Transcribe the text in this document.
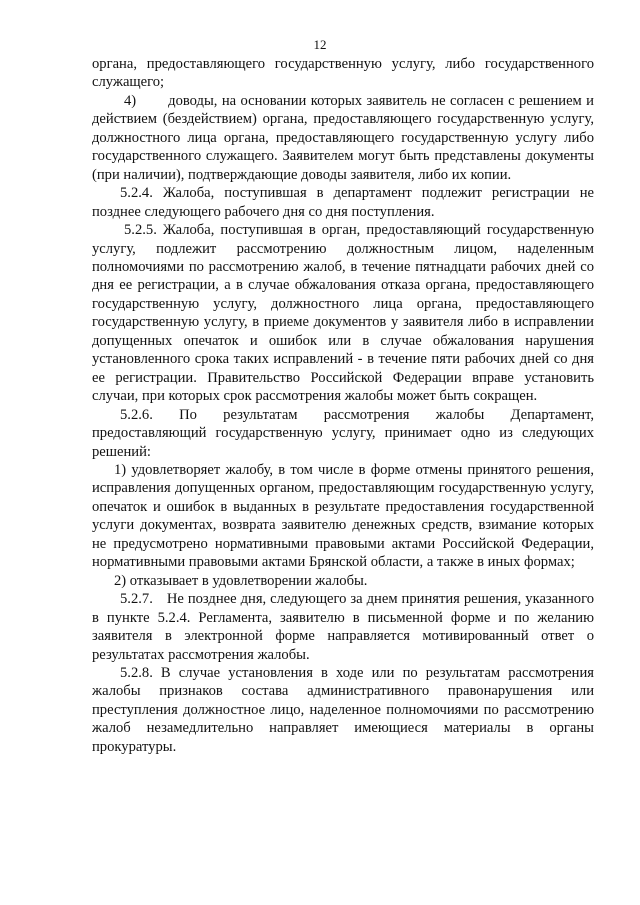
12

органа, предоставляющего государственную услугу, либо государственного служащего;

4) доводы, на основании которых заявитель не согласен с решением и действием (бездействием) органа, предоставляющего государственную услугу, должностного лица органа, предоставляющего государственную услугу либо государственного служащего. Заявителем могут быть представлены документы (при наличии), подтверждающие доводы заявителя, либо их копии.

5.2.4. Жалоба, поступившая в департамент подлежит регистрации не позднее следующего рабочего дня со дня поступления.

5.2.5. Жалоба, поступившая в орган, предоставляющий государственную услугу, подлежит рассмотрению должностным лицом, наделенным полномочиями по рассмотрению жалоб, в течение пятнадцати рабочих дней со дня ее регистрации, а в случае обжалования отказа органа, предоставляющего государственную услугу, должностного лица органа, предоставляющего государственную услугу, в приеме документов у заявителя либо в исправлении допущенных опечаток и ошибок или в случае обжалования нарушения установленного срока таких исправлений - в течение пяти рабочих дней со дня ее регистрации. Правительство Российской Федерации вправе установить случаи, при которых срок рассмотрения жалобы может быть сокращен.

5.2.6. По результатам рассмотрения жалобы Департамент, предоставляющий государственную услугу, принимает одно из следующих решений:

1) удовлетворяет жалобу, в том числе в форме отмены принятого решения, исправления допущенных органом, предоставляющим государственную услугу, опечаток и ошибок в выданных в результате предоставления государственной услуги документах, возврата заявителю денежных средств, взимание которых не предусмотрено нормативными правовыми актами Российской Федерации, нормативными правовыми актами Брянской области, а также в иных формах;

2) отказывает в удовлетворении жалобы.

5.2.7. Не позднее дня, следующего за днем принятия решения, указанного в пункте 5.2.4. Регламента, заявителю в письменной форме и по желанию заявителя в электронной форме направляется мотивированный ответ о результатах рассмотрения жалобы.

5.2.8. В случае установления в ходе или по результатам рассмотрения жалобы признаков состава административного правонарушения или преступления должностное лицо, наделенное полномочиями по рассмотрению жалоб незамедлительно направляет имеющиеся материалы в органы прокуратуры.
